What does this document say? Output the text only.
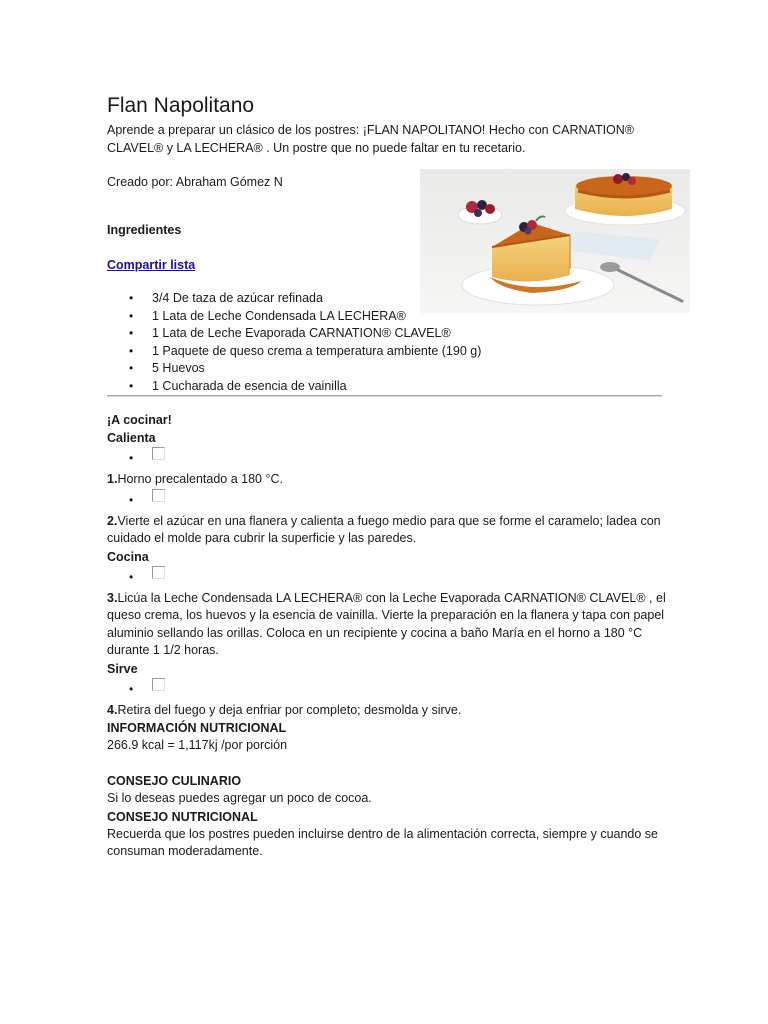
Flan Napolitano

Aprende a preparar un clásico de los postres: ¡FLAN NAPOLITANO! Hecho con CARNATION® CLAVEL® y LA LECHERA® . Un postre que no puede faltar en tu recetario.

Creado por: Abraham Gómez N

Ingredientes

Compartir lista
• 3/4 De taza de azúcar refinada
• 1 Lata de Leche Condensada LA LECHERA®
• 1 Lata de Leche Evaporada CARNATION® CLAVEL®
• 1 Paquete de queso crema a temperatura ambiente (190 g)
• 5 Huevos
• 1 Cucharada de esencia de vainilla

¡A cocinar!

Calienta

•

1.Horno precalentado a 180 °C.

•

2.Vierte el azúcar en una flanera y calienta a fuego medio para que se forme el caramelo; ladea con cuidado el molde para cubrir la superficie y las paredes.

Cocina

•

3.Licúa la Leche Condensada LA LECHERA® con la Leche Evaporada CARNATION® CLAVEL® , el queso crema, los huevos y la esencia de vainilla. Vierte la preparación en la flanera y tapa con papel aluminio sellando las orillas. Coloca en un recipiente y cocina a baño María en el horno a 180 °C durante 1 1/2 horas.

Sirve

•

4.Retira del fuego y deja enfriar por completo; desmolda y sirve.

INFORMACIÓN NUTRICIONAL

266.9 kcal = 1,117kj /por porción

CONSEJO CULINARIO

Si lo deseas puedes agregar un poco de cocoa.

CONSEJO NUTRICIONAL

Recuerda que los postres pueden incluirse dentro de la alimentación correcta, siempre y cuando se consuman moderadamente.
